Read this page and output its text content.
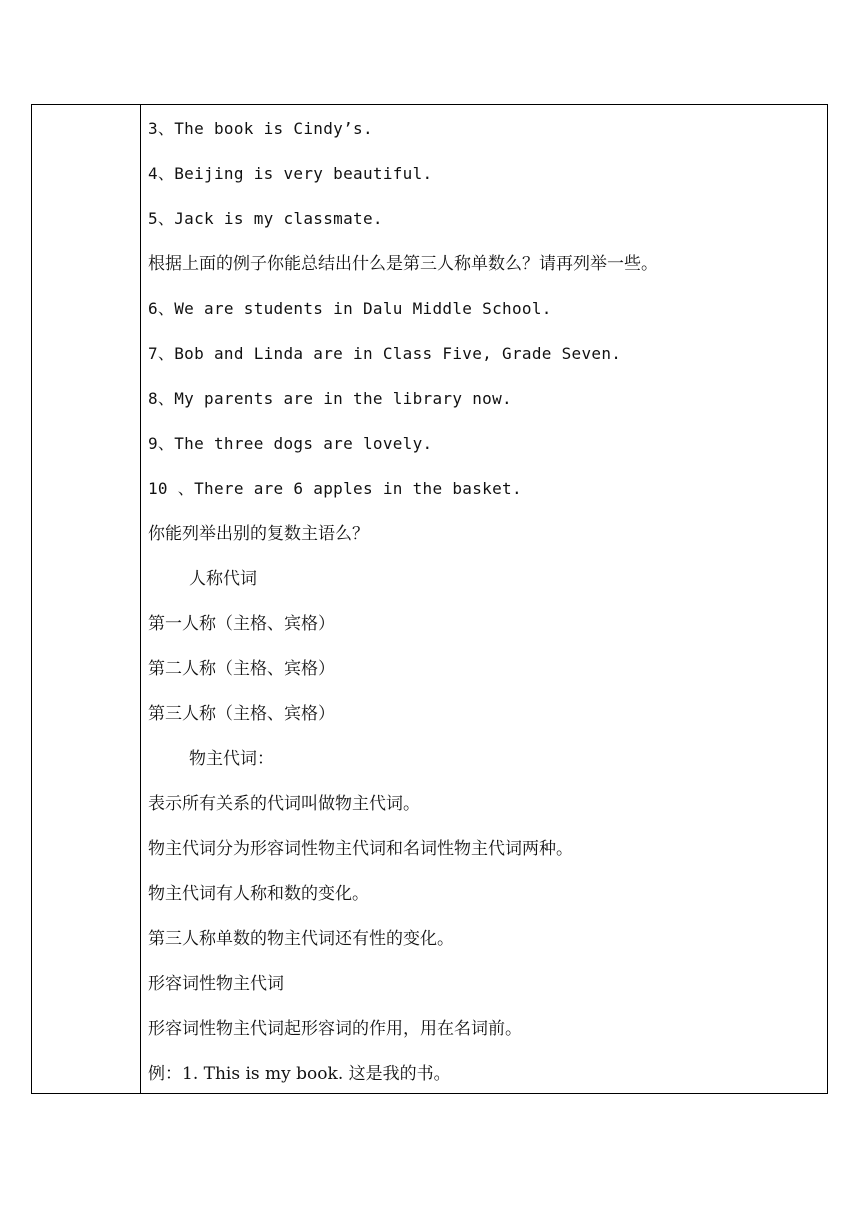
3、The book is Cindy’s.
4、Beijing is very beautiful.
5、Jack is my classmate.
根据上面的例子你能总结出什么是第三人称单数么？请再列举一些。
6、We are students in Dalu Middle School.
7、Bob and Linda are in Class Five, Grade Seven.
8、My parents are in the library now.
9、The three dogs are lovely.
10 、There are 6 apples in the basket.
你能列举出别的复数主语么？
人称代词
第一人称（主格、宾格）
第二人称（主格、宾格）
第三人称（主格、宾格）
物主代词：
表示所有关系的代词叫做物主代词。
物主代词分为形容词性物主代词和名词性物主代词两种。
物主代词有人称和数的变化。
第三人称单数的物主代词还有性的变化。
形容词性物主代词
形容词性物主代词起形容词的作用，用在名词前。
例：1. This is my book. 这是我的书。
